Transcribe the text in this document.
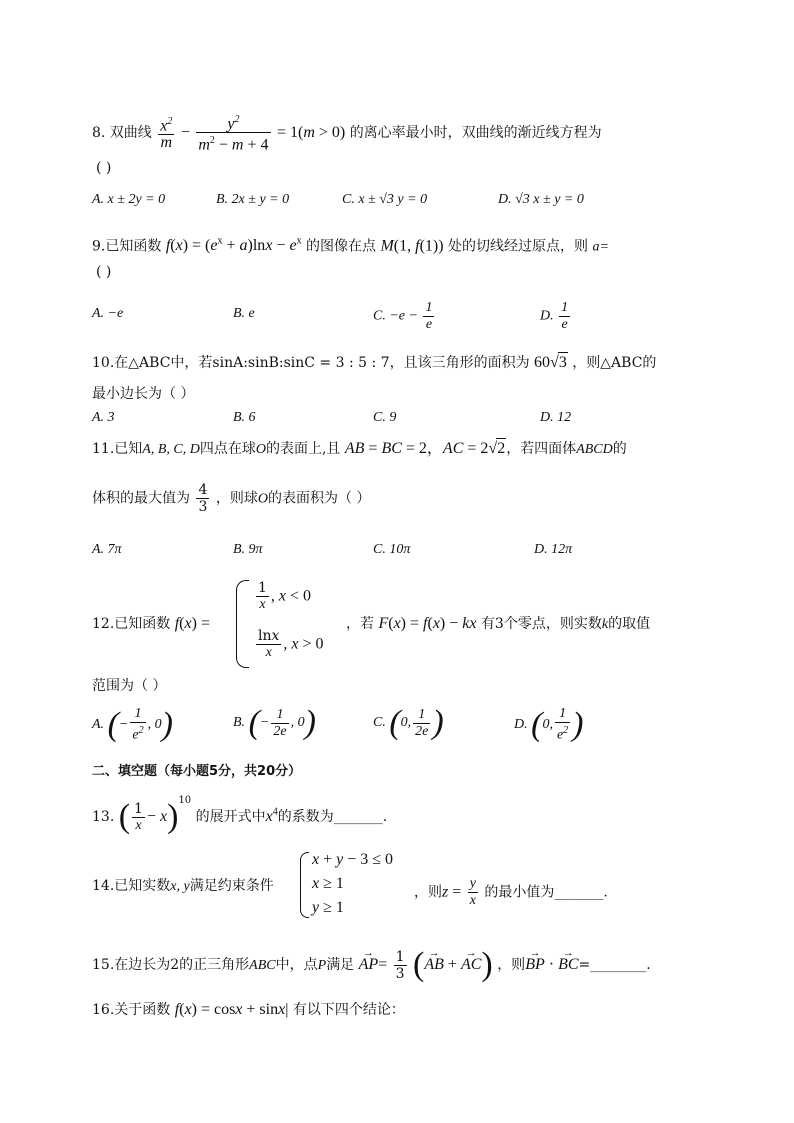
8. 双曲线 $\frac{x^2}{m} - \frac{y^2}{m^2 - m + 4} = 1(m > 0)$ 的离心率最小时，双曲线的渐近线方程为
( )
A. x ± 2y = 0	B. 2x ± y = 0	C. x ± √3 y = 0	D. √3 x ± y = 0
9.已知函数 $f(x) = (e^x + a)\ln x - e^x$ 的图像在点 M(1, f(1)) 处的切线经过原点，则 a=
( )
A. −e	B. e	C. $-e - \frac{1}{e}$	D. $\frac{1}{e}$
10.在△ABC中，若sinA:sinB:sinC = 3 : 5 : 7，且该三角形的面积为 60√3 ，则△ABC的
最小边长为（ ）
A. 3	B. 6	C. 9	D. 12
11.已知A, B, C, D四点在球O的表面上,且 AB = BC = 2，AC = 2√2，若四面体ABCD的
体积的最大值为 $\frac{4}{3}$ ，则球O的表面积为（ ）
A. 7π	B. 9π	C. 10π	D. 12π
12.已知函数 f(x) =
$\frac{1}{x}$ , x < 0
$\frac{\ln x}{x}$ , x > 0
，若 F(x) = f(x) − kx 有3个零点，则实数k的取值
范围为（ ）
A. (− $\frac{1}{e^2}$ , 0)	B. (− $\frac{1}{2e}$ , 0)	C. (0, $\frac{1}{2e}$ )	D. (0, $\frac{1}{e^2}$ )
二、填空题（每小题5分，共20分）
13. ( $\frac{1}{x} - x)^{10}$ 的展开式中$x^4$的系数为_______.
14.已知实数x, y满足约束条件
x + y − 3 ≤ 0
x ≥ 1
y ≥ 1
，则$z = \frac{y}{x}$ 的最小值为_______.
15.在边长为2的正三角形ABC中，点P满足 → $AP= \frac{1}{3}$ (→ AB + → AC) ，则→ BP · → BC=________.
16.关于函数 f(x) = cosx + sinx| 有以下四个结论：
